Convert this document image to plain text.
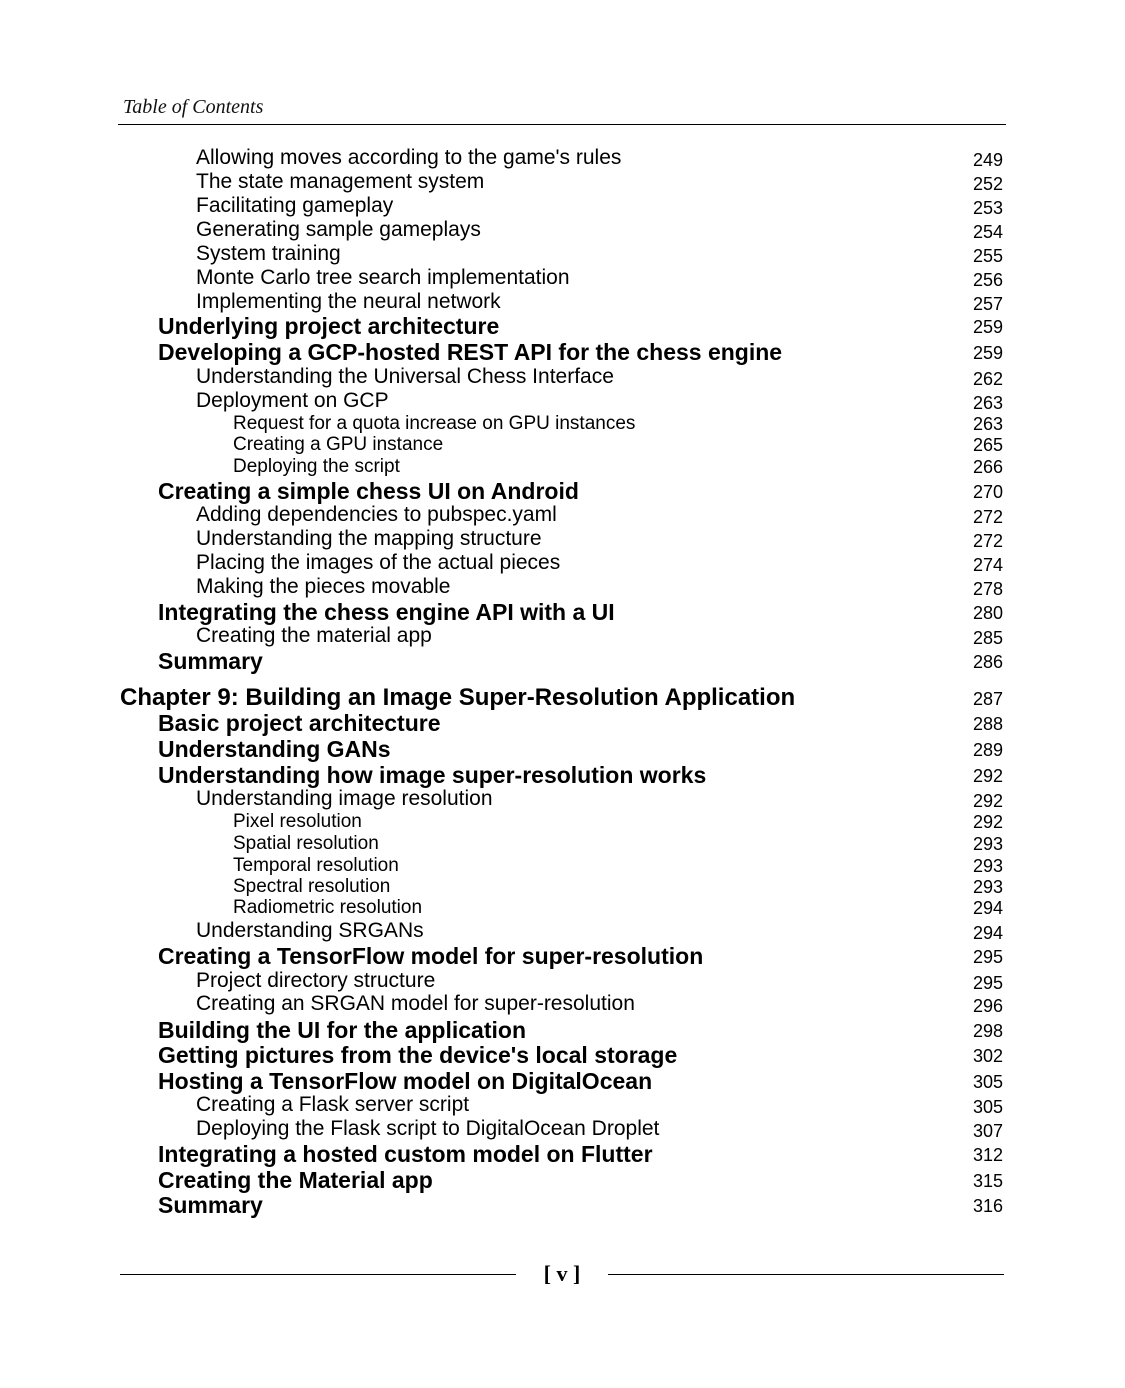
Table of Contents
Allowing moves according to the game's rules	249
The state management system	252
Facilitating gameplay	253
Generating sample gameplays	254
System training	255
Monte Carlo tree search implementation	256
Implementing the neural network	257
Underlying project architecture	259
Developing a GCP-hosted REST API for the chess engine	259
Understanding the Universal Chess Interface	262
Deployment on GCP	263
Request for a quota increase on GPU instances	263
Creating a GPU instance	265
Deploying the script	266
Creating a simple chess UI on Android	270
Adding dependencies to pubspec.yaml	272
Understanding the mapping structure	272
Placing the images of the actual pieces	274
Making the pieces movable	278
Integrating the chess engine API with a UI	280
Creating the material app	285
Summary	286
Chapter 9: Building an Image Super-Resolution Application	287
Basic project architecture	288
Understanding GANs	289
Understanding how image super-resolution works	292
Understanding image resolution	292
Pixel resolution	292
Spatial resolution	293
Temporal resolution	293
Spectral resolution	293
Radiometric resolution	294
Understanding SRGANs	294
Creating a TensorFlow model for super-resolution	295
Project directory structure	295
Creating an SRGAN model for super-resolution	296
Building the UI for the application	298
Getting pictures from the device's local storage	302
Hosting a TensorFlow model on DigitalOcean	305
Creating a Flask server script	305
Deploying the Flask script to DigitalOcean Droplet	307
Integrating a hosted custom model on Flutter	312
Creating the Material app	315
Summary	316
[ v ]
